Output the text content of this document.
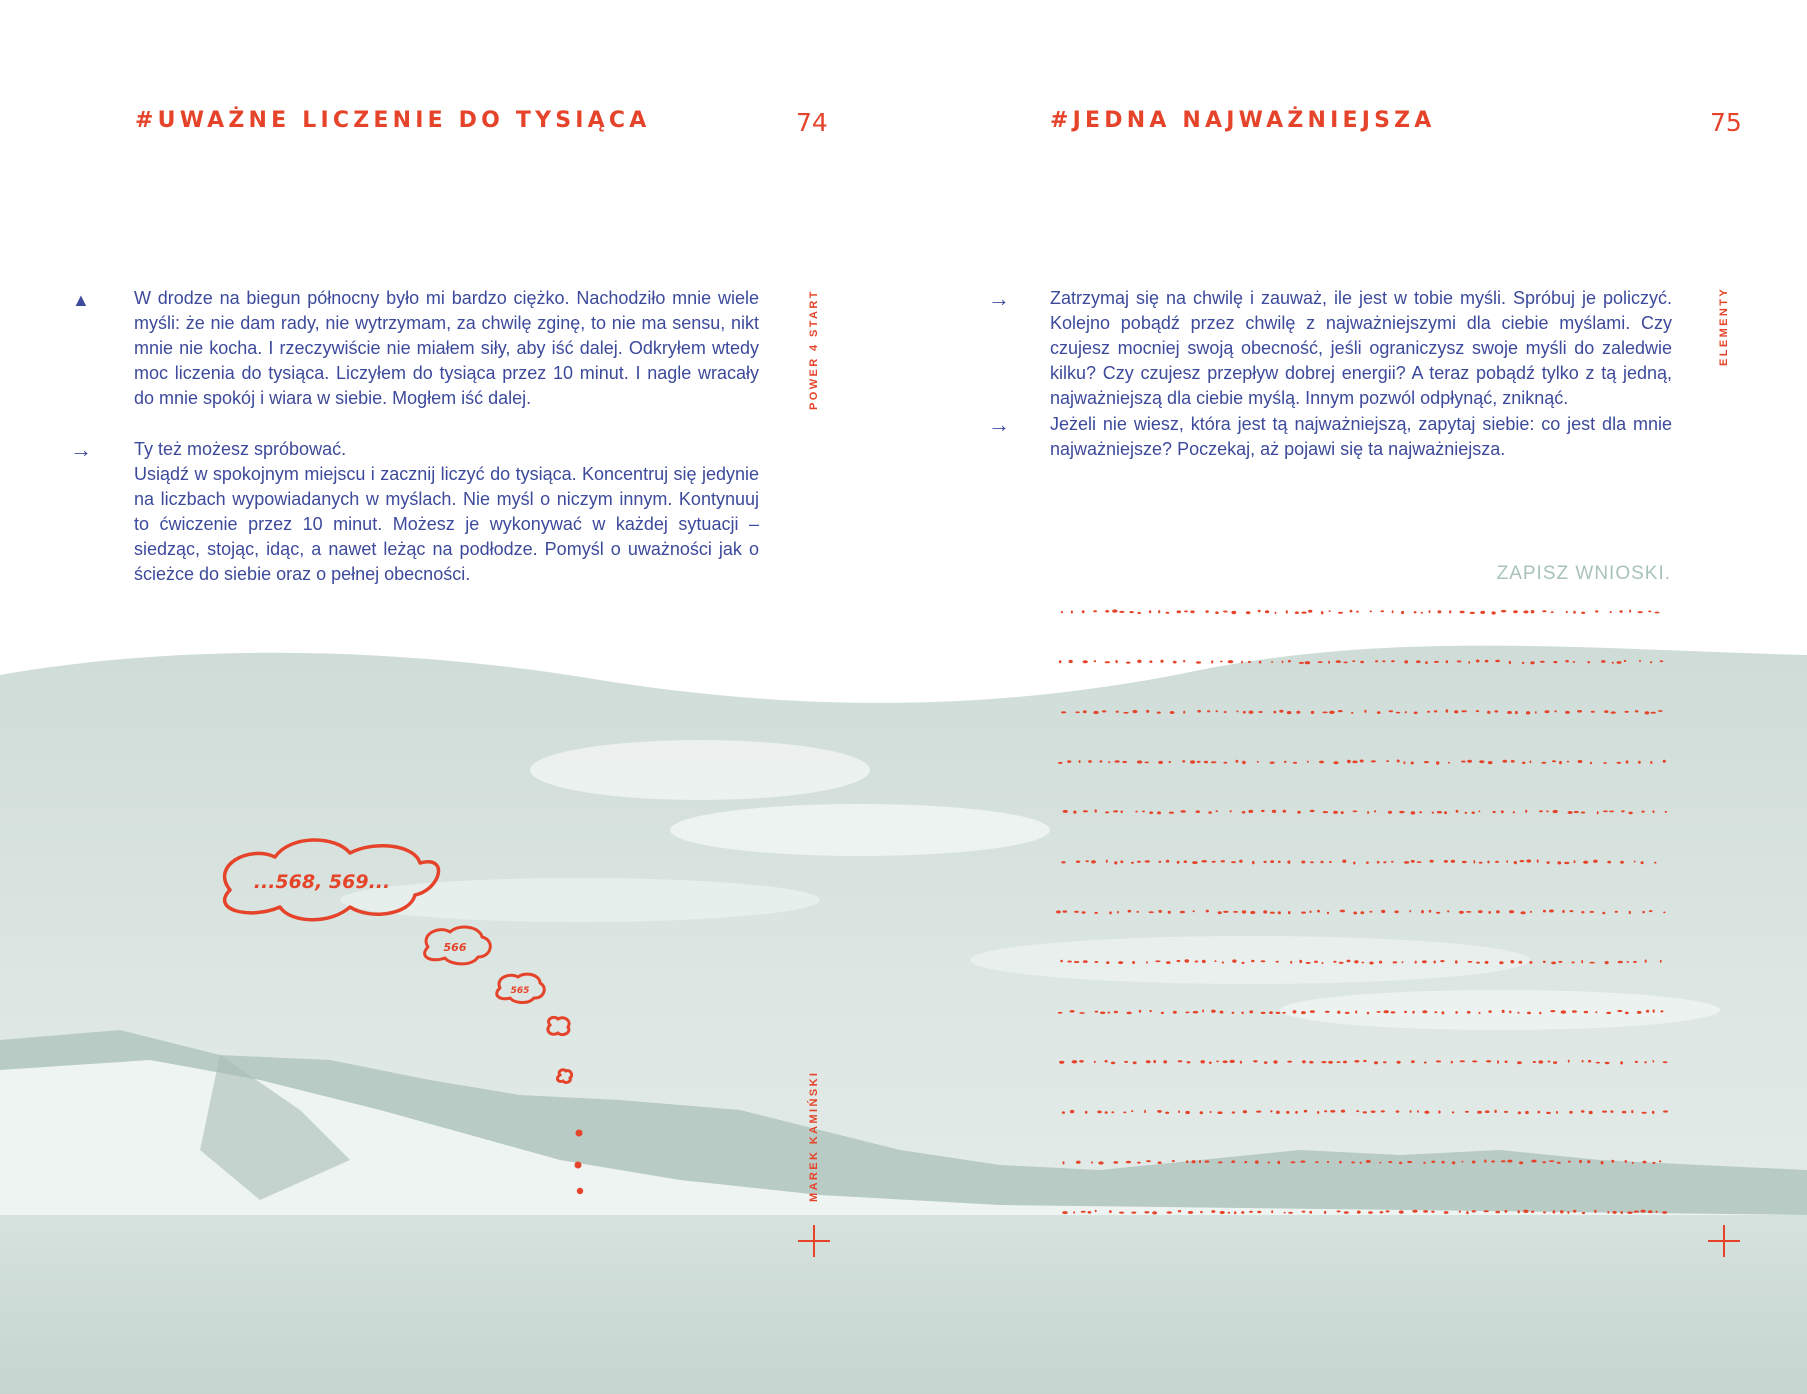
#UWAŻNE LICZENIE DO TYSIĄCA	74	#JEDNA NAJWAŻNIEJSZA	75
▲ W drodze na biegun północny było mi bardzo ciężko. Nachodziło mnie wiele myśli: że nie dam rady, nie wytrzymam, za chwilę zginę, to nie ma sensu, nikt mnie nie kocha. I rzeczywiście nie miałem siły, aby iść dalej. Odkryłem wtedy moc liczenia do tysiąca. Liczyłem do tysiąca przez 10 minut. I nagle wracały do mnie spokój i wiara w siebie. Mogłem iść dalej.

→ Ty też możesz spróbować.
Usiądź w spokojnym miejscu i zacznij liczyć do tysiąca. Koncentruj się jedynie na liczbach wypowiadanych w myślach. Nie myśl o niczym innym. Kontynuuj to ćwiczenie przez 10 minut. Możesz je wykonywać w każdej sytuacji – siedząc, stojąc, idąc, a nawet leżąc na podłodze. Pomyśl o uważności jak o ścieżce do siebie oraz o pełnej obecności.
POWER 4 START
MAREK KAMIŃSKI
→ Zatrzymaj się na chwilę i zauważ, ile jest w tobie myśli. Spróbuj je policzyć. Kolejno pobądź przez chwilę z najważniejszymi dla ciebie myślami. Czy czujesz mocniej swoją obecność, jeśli ograniczysz swoje myśli do zaledwie kilku? Czy czujesz przepływ dobrej energii? A teraz pobądź tylko z tą jedną, najważniejszą dla ciebie myślą. Innym pozwól odpłynąć, zniknąć.

→ Jeżeli nie wiesz, która jest tą najważniejszą, zapytaj siebie: co jest dla mnie najważniejsze? Poczekaj, aż pojawi się ta najważniejsza.

ELEMENTY
ZAPISZ WNIOSKI.
...568, 569...
566
565
